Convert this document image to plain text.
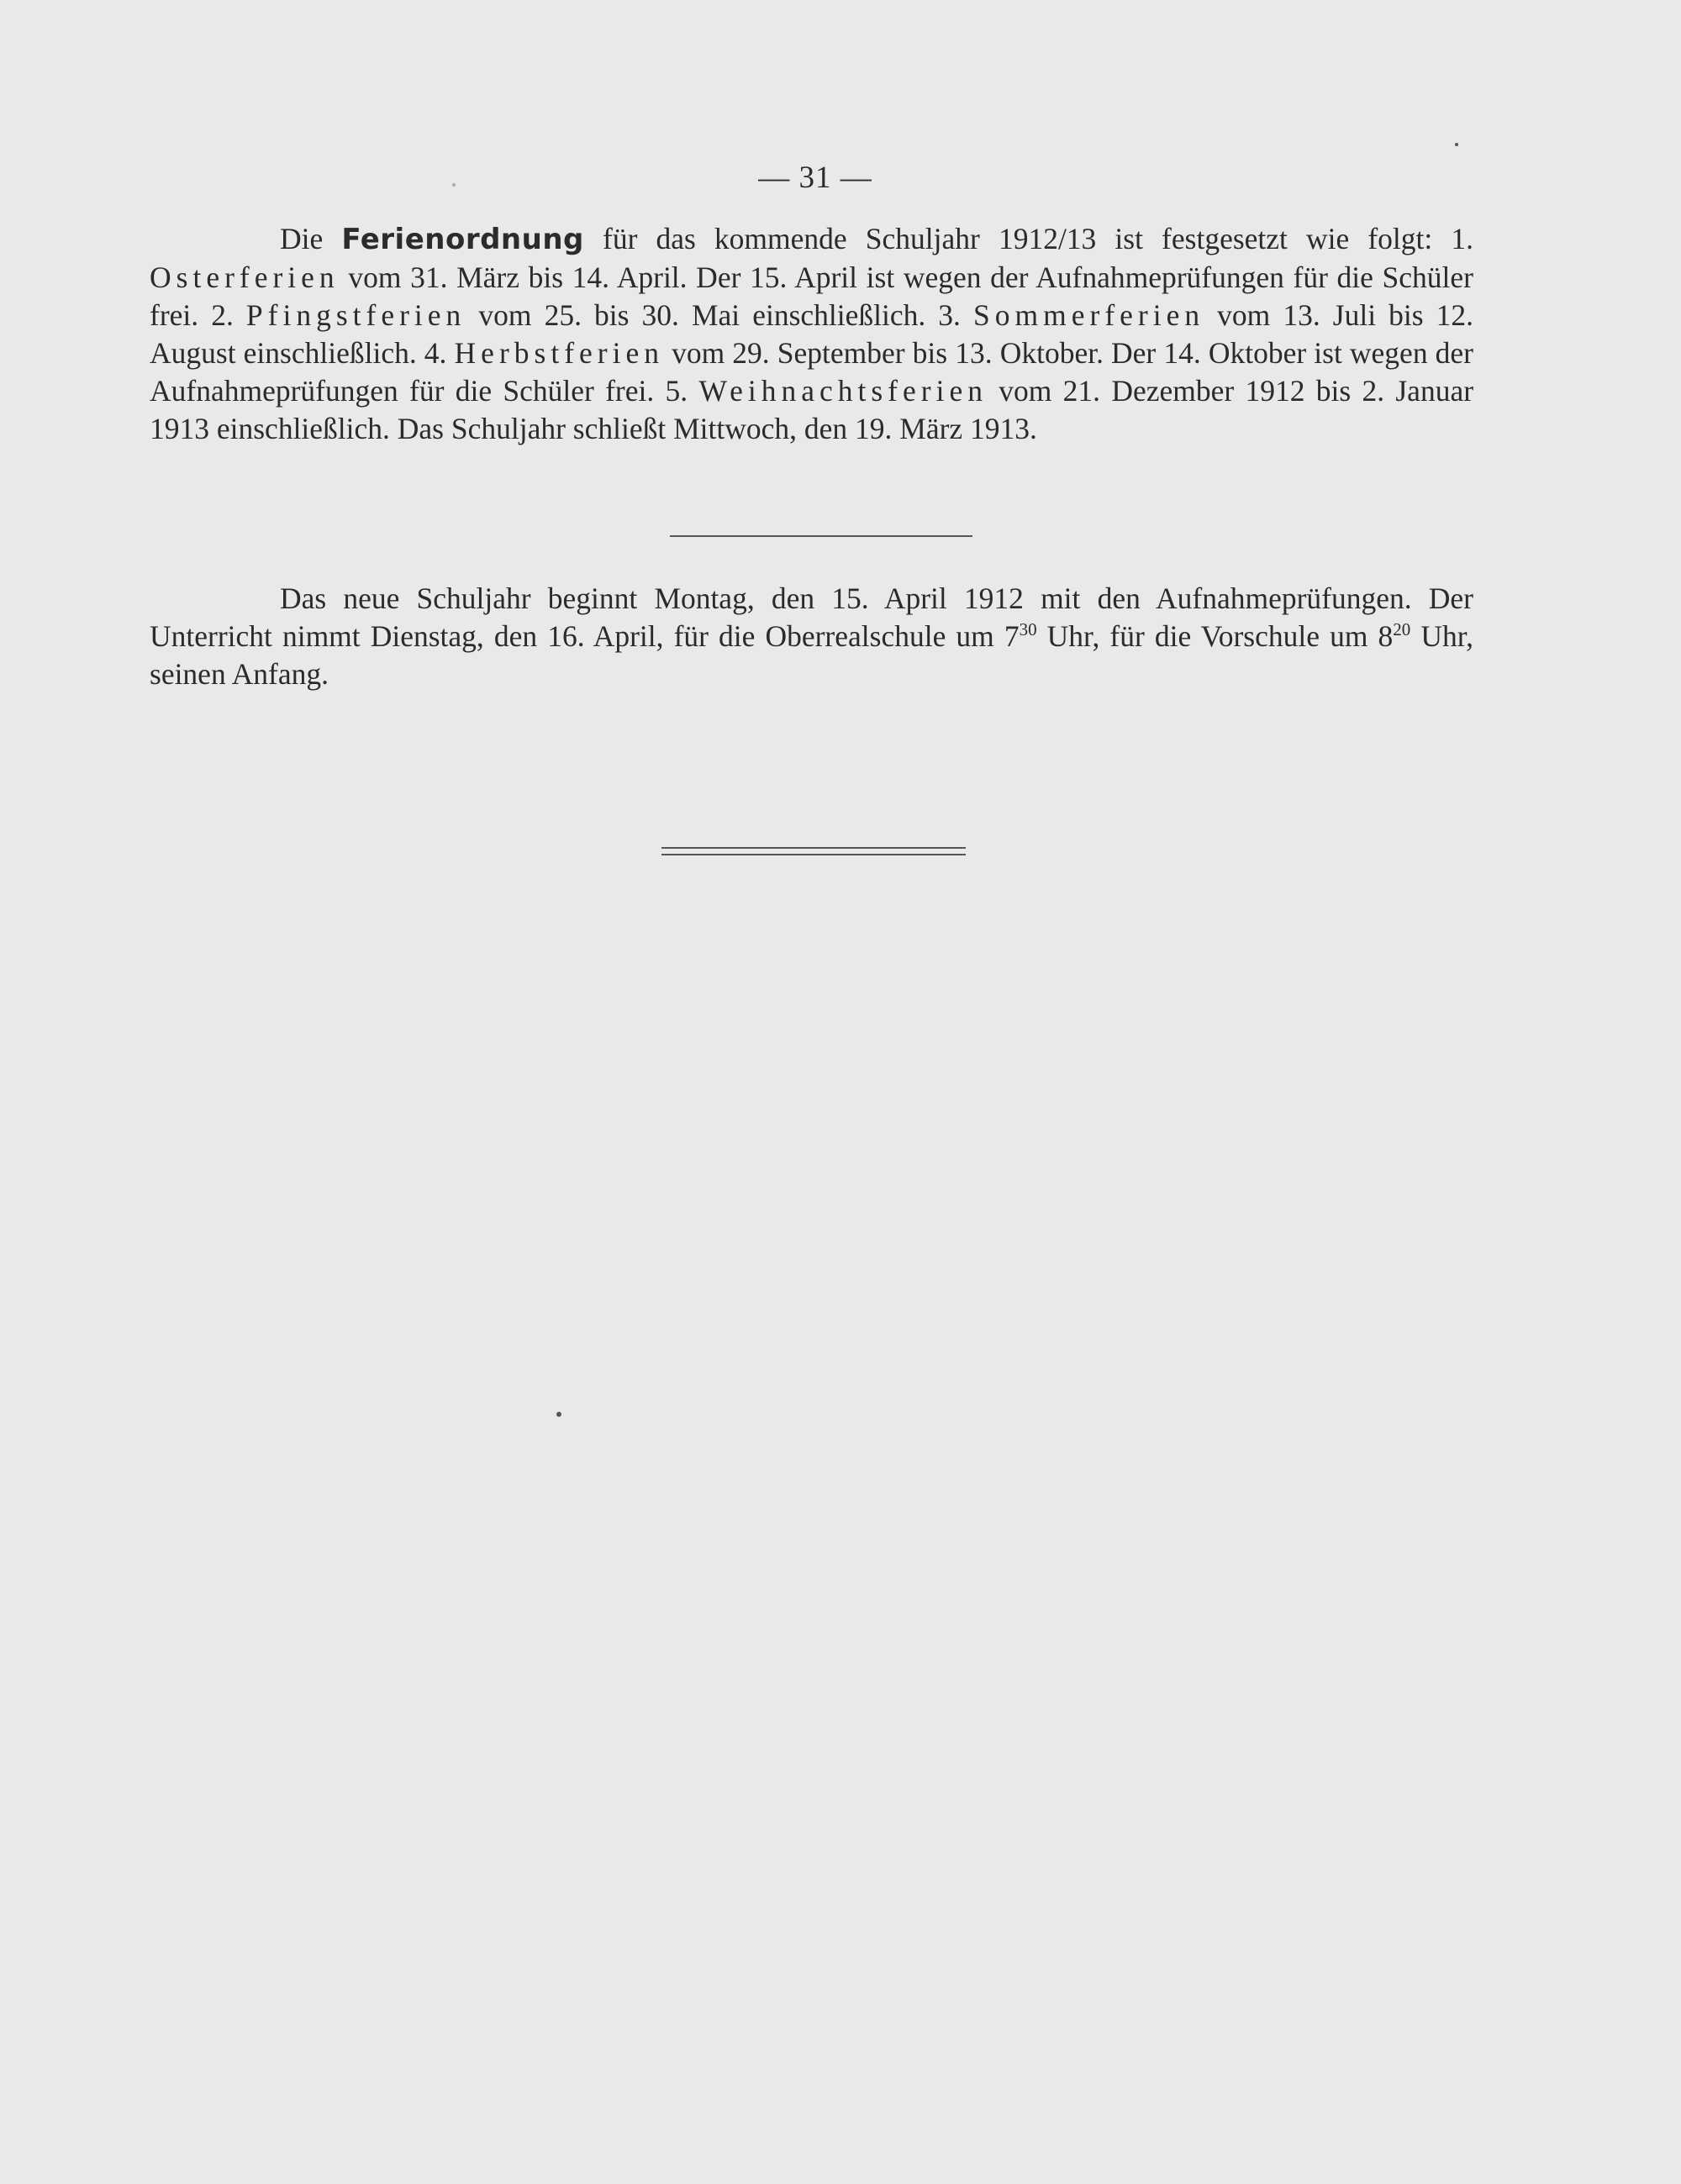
— 31 —

Die Ferienordnung für das kommende Schuljahr 1912/13 ist festgesetzt wie folgt: 1. Osterferien vom 31. März bis 14. April. Der 15. April ist wegen der Aufnahmeprüfungen für die Schüler frei. 2. Pfingstferien vom 25. bis 30. Mai einschließlich. 3. Sommerferien vom 13. Juli bis 12. August einschließlich. 4. Herbstferien vom 29. September bis 13. Oktober. Der 14. Oktober ist wegen der Aufnahmeprüfungen für die Schüler frei. 5. Weihnachtsferien vom 21. Dezember 1912 bis 2. Januar 1913 einschließlich. Das Schuljahr schließt Mittwoch, den 19. März 1913.

Das neue Schuljahr beginnt Montag, den 15. April 1912 mit den Aufnahmeprüfungen. Der Unterricht nimmt Dienstag, den 16. April, für die Oberrealschule um $7^{30}$ Uhr, für die Vorschule um $8^{20}$ Uhr, seinen Anfang.
